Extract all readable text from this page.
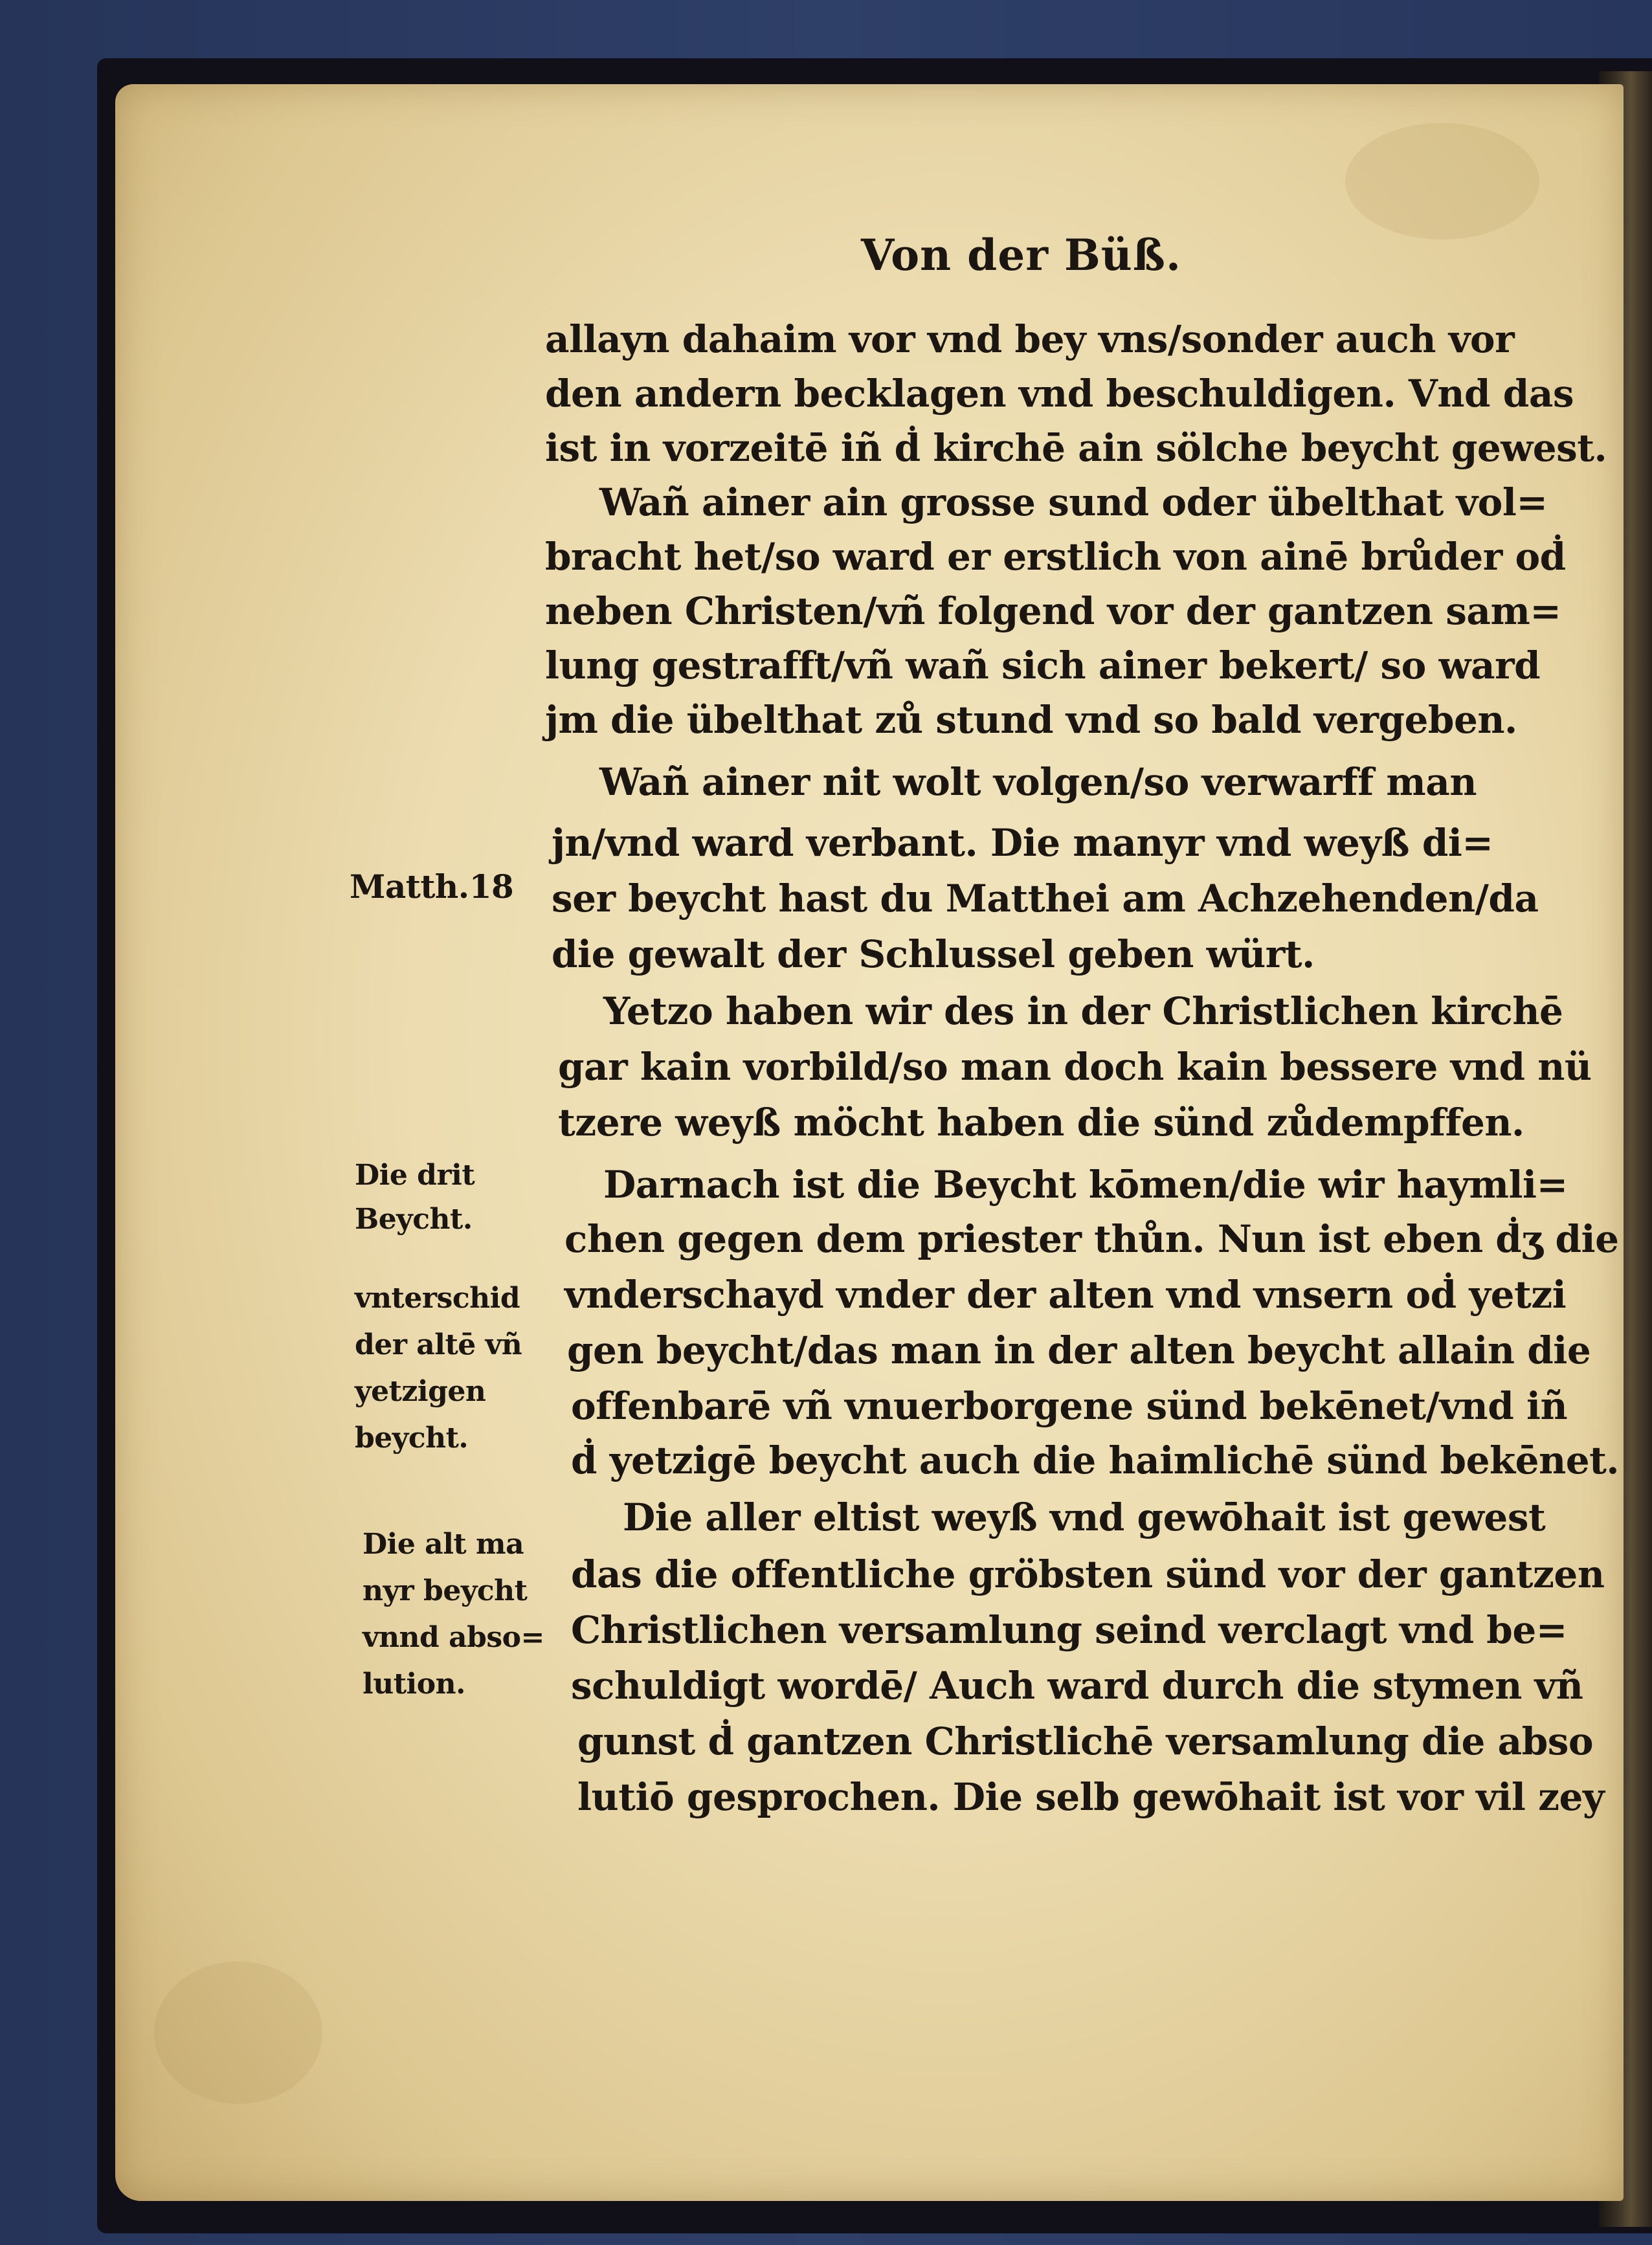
Von der Büß.
allayn dahaim vor vnd bey vns/sonder auch vor
den andern becklagen vnd beschuldigen. Vnd das
ist in vorzeitē iñ ḋ kirchē ain sölche beycht gewest.
Wañ ainer ain grosse sund oder übelthat vol=
bracht het/so ward er erstlich von ainē brůder oḋ
neben Christen/vñ folgend vor der gantzen sam=
lung gestrafft/vñ wañ sich ainer bekert/ so ward
jm die übelthat zů stund vnd so bald vergeben.
Wañ ainer nit wolt volgen/so verwarff man
jn/vnd ward verbant. Die manyr vnd weyß di=
ser beycht hast du Matthei am Achzehenden/da
die gewalt der Schlussel geben würt.
Yetzo haben wir des in der Christlichen kirchē
gar kain vorbild/so man doch kain bessere vnd nü
tzere weyß möcht haben die sünd zůdempffen.
Darnach ist die Beycht kōmen/die wir haymli=
chen gegen dem priester thůn. Nun ist eben ḋʒ die
vnderschayd vnder der alten vnd vnsern oḋ yetzi
gen beycht/das man in der alten beycht allain die
offenbarē vñ vnuerborgene sünd bekēnet/vnd iñ
ḋ yetzigē beycht auch die haimlichē sünd bekēnet.
Die aller eltist weyß vnd gewōhait ist gewest
das die offentliche gröbsten sünd vor der gantzen
Christlichen versamlung seind verclagt vnd be=
schuldigt wordē/ Auch ward durch die stymen vñ
gunst ḋ gantzen Christlichē versamlung die abso
lutiō gesprochen. Die selb gewōhait ist vor vil zey
Matth.18
Die drit
Beycht.
vnterschid
der altē vñ
yetzigen
beycht.
Die alt ma
nyr beycht
vnnd abso=
lution.
